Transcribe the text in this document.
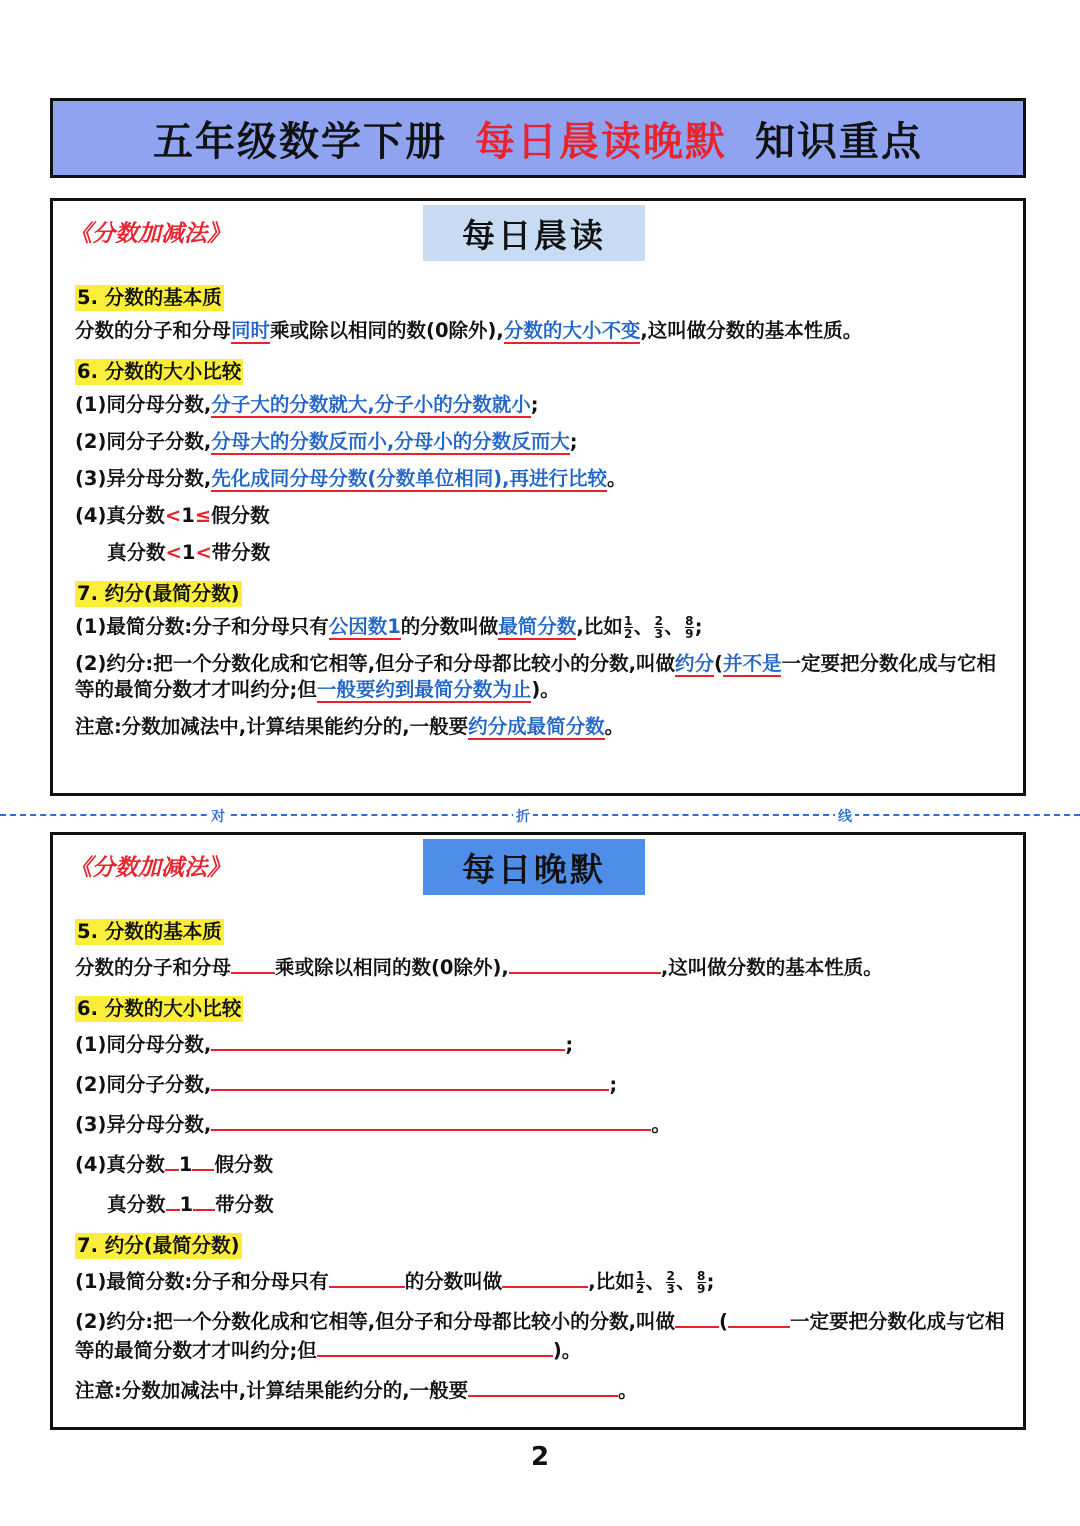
五年级数学下册 每日晨读晚默 知识重点
《分数加减法》	每日晨读
5. 分数的基本质
分数的分子和分母同时乘或除以相同的数(0除外),分数的大小不变,这叫做分数的基本性质。
6. 分数的大小比较
(1)同分母分数,分子大的分数就大,分子小的分数就小;
(2)同分子分数,分母大的分数反而小,分母小的分数反而大;
(3)异分母分数,先化成同分母分数(分数单位相同),再进行比较。
(4)真分数<1≤假分数
真分数<1<带分数
7. 约分(最简分数)
(1)最简分数:分子和分母只有公因数1的分数叫做最简分数,比如 $\frac{1}{2}$ 、 $\frac{2}{3}$ 、 $\frac{8}{9}$ ;
(2)约分:把一个分数化成和它相等,但分子和分母都比较小的分数,叫做约分(并不是一定要把分数化成与它相等的最简分数才才叫约分;但一般要约到最简分数为止)。
注意:分数加减法中,计算结果能约分的,一般要约分成最简分数。
对	折	线
《分数加减法》	每日晚默
5. 分数的基本质
分数的分子和分母 乘或除以相同的数(0除外),	,这叫做分数的基本性质。
6. 分数的大小比较
(1)同分母分数,	;
(2)同分子分数,	;
(3)异分母分数,	。
(4)真分数 1 假分数
真分数 1 带分数
7. 约分(最简分数)
(1)最简分数:分子和分母只有	的分数叫做	,比如 $\frac{1}{2}$ 、 $\frac{2}{3}$ 、 $\frac{8}{9}$ ;
(2)约分:把一个分数化成和它相等,但分子和分母都比较小的分数,叫做 (	一定要把分数化成与它相等的最简分数才才叫约分;但	)。
注意:分数加减法中,计算结果能约分的,一般要	。
2
